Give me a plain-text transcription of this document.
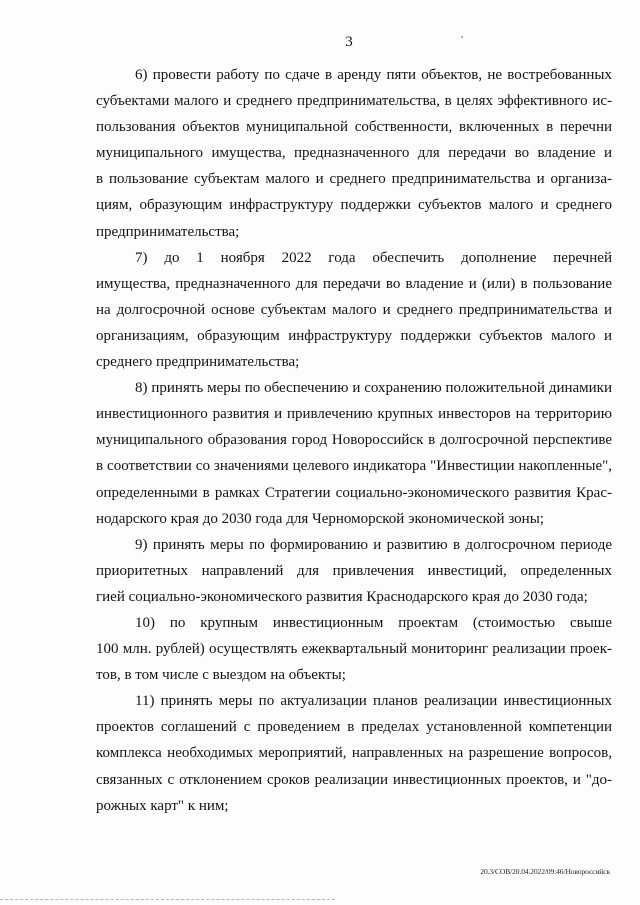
3
6) провести работу по сдаче в аренду пяти объектов, не востребованных
субъектами малого и среднего предпринимательства, в целях эффективного ис-
пользования объектов муниципальной собственности, включенных в перечни
муниципального имущества, предназначенного для передачи во владение и
в пользование субъектам малого и среднего предпринимательства и организа-
циям, образующим инфраструктуру поддержки субъектов малого и среднего
предпринимательства;
7) до 1 ноября 2022 года обеспечить дополнение перечней
имущества, предназначенного для передачи во владение и (или) в пользование
на долгосрочной основе субъектам малого и среднего предпринимательства и
организациям, образующим инфраструктуру поддержки субъектов малого и
среднего предпринимательства;
8) принять меры по обеспечению и сохранению положительной динамики
инвестиционного развития и привлечению крупных инвесторов на территорию
муниципального образования город Новороссийск в долгосрочной перспективе
в соответствии со значениями целевого индикатора "Инвестиции накопленные",
определенными в рамках Стратегии социально-экономического развития Крас-
нодарского края до 2030 года для Черноморской экономической зоны;
9) принять меры по формированию и развитию в долгосрочном периоде
приоритетных направлений для привлечения инвестиций, определенных
гией социально-экономического развития Краснодарского края до 2030 года;
10) по крупным инвестиционным проектам (стоимостью свыше
100 млн. рублей) осуществлять ежеквартальный мониторинг реализации проек-
тов, в том числе с выездом на объекты;
11) принять меры по актуализации планов реализации инвестиционных
проектов соглашений с проведением в пределах установленной компетенции
комплекса необходимых мероприятий, направленных на разрешение вопросов,
связанных с отклонением сроков реализации инвестиционных проектов, и "до-
рожных карт" к ним;
20.3/СОВ/20.04.2022/09:46/Новороссийск
